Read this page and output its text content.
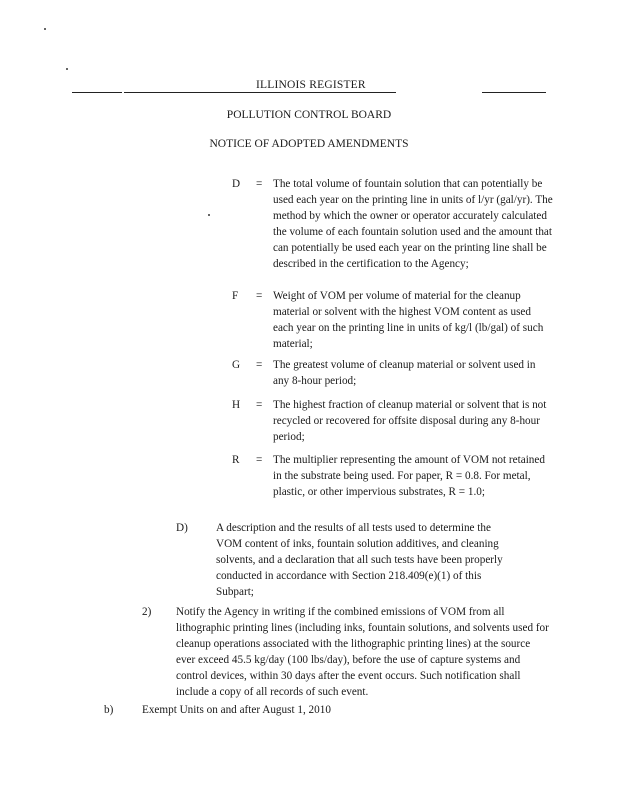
ILLINOIS REGISTER
POLLUTION CONTROL BOARD
NOTICE OF ADOPTED AMENDMENTS
D = The total volume of fountain solution that can potentially be used each year on the printing line in units of l/yr (gal/yr). The method by which the owner or operator accurately calculated the volume of each fountain solution used and the amount that can potentially be used each year on the printing line shall be described in the certification to the Agency;
F = Weight of VOM per volume of material for the cleanup material or solvent with the highest VOM content as used each year on the printing line in units of kg/l (lb/gal) of such material;
G = The greatest volume of cleanup material or solvent used in any 8-hour period;
H = The highest fraction of cleanup material or solvent that is not recycled or recovered for offsite disposal during any 8-hour period;
R = The multiplier representing the amount of VOM not retained in the substrate being used. For paper, R = 0.8. For metal, plastic, or other impervious substrates, R = 1.0;
D)	A description and the results of all tests used to determine the VOM content of inks, fountain solution additives, and cleaning solvents, and a declaration that all such tests have been properly conducted in accordance with Section 218.409(e)(1) of this Subpart;
2) Notify the Agency in writing if the combined emissions of VOM from all lithographic printing lines (including inks, fountain solutions, and solvents used for cleanup operations associated with the lithographic printing lines) at the source ever exceed 45.5 kg/day (100 lbs/day), before the use of capture systems and control devices, within 30 days after the event occurs. Such notification shall include a copy of all records of such event.
b)	Exempt Units on and after August 1, 2010
